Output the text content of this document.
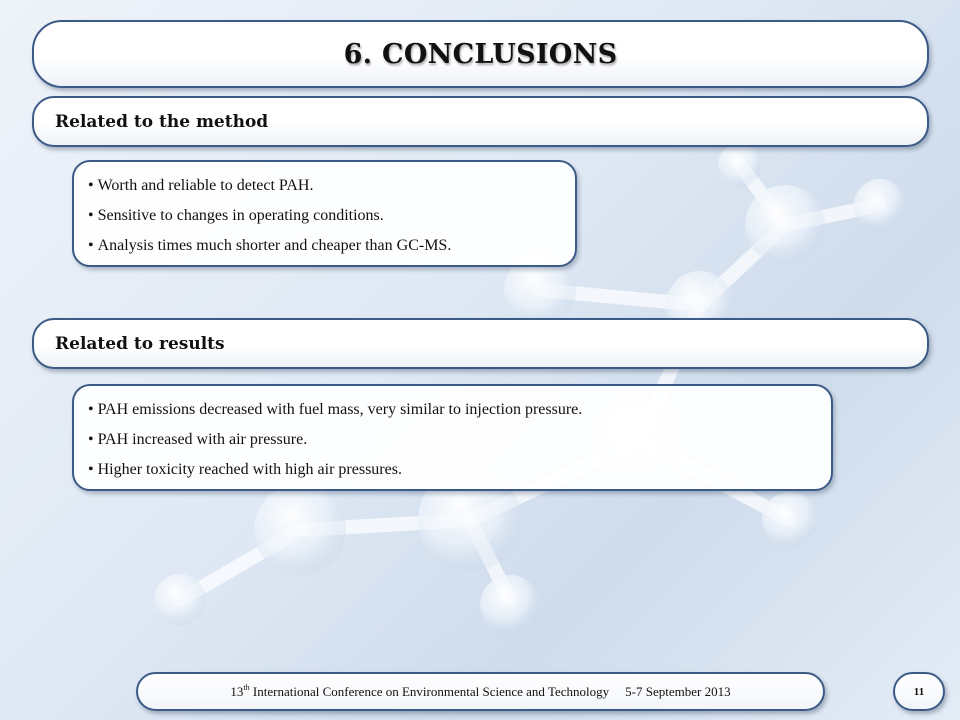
6. CONCLUSIONS
Related to the method
• Worth and reliable to detect PAH.
• Sensitive to changes in operating conditions.
• Analysis times much shorter and cheaper than GC-MS.
Related to results
• PAH emissions decreased with fuel mass, very similar to injection pressure.
• PAH increased with air pressure.
• Higher toxicity reached with high air pressures.
13th International Conference on Environmental Science and Technology 5-7 September 2013	11
